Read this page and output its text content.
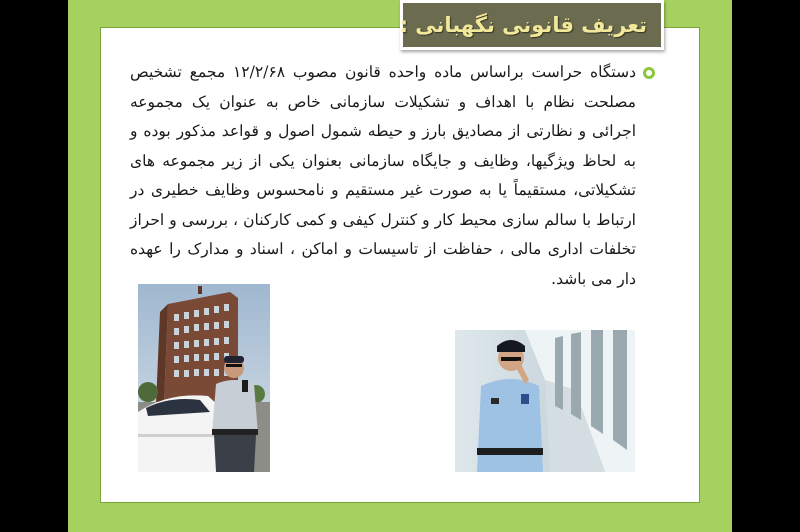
تعریف قانونی نگهبانی :

دستگاه حراست براساس ماده واحده قانون مصوب ۱۲/۲/۶۸ مجمع تشخیص مصلحت نظام با اهداف و تشکیلات سازمانی خاص به عنوان یک مجموعه اجرائی و نظارتی از مصادیق بارز و حیطه شمول اصول و قواعد مذکور بوده و به لحاظ ویژگیها، وظایف و جایگاه سازمانی بعنوان یکی از زیر مجموعه های تشکیلاتی، مستقیماً یا به صورت غیر مستقیم و نامحسوس وظایف خطیری در ارتباط با سالم سازی محیط کار و کنترل کیفی و کمی کارکنان ، بررسی و احراز تخلفات اداری مالی ، حفاظت از تاسیسات و اماکن ، اسناد و مدارک را عهده دار می باشد.
